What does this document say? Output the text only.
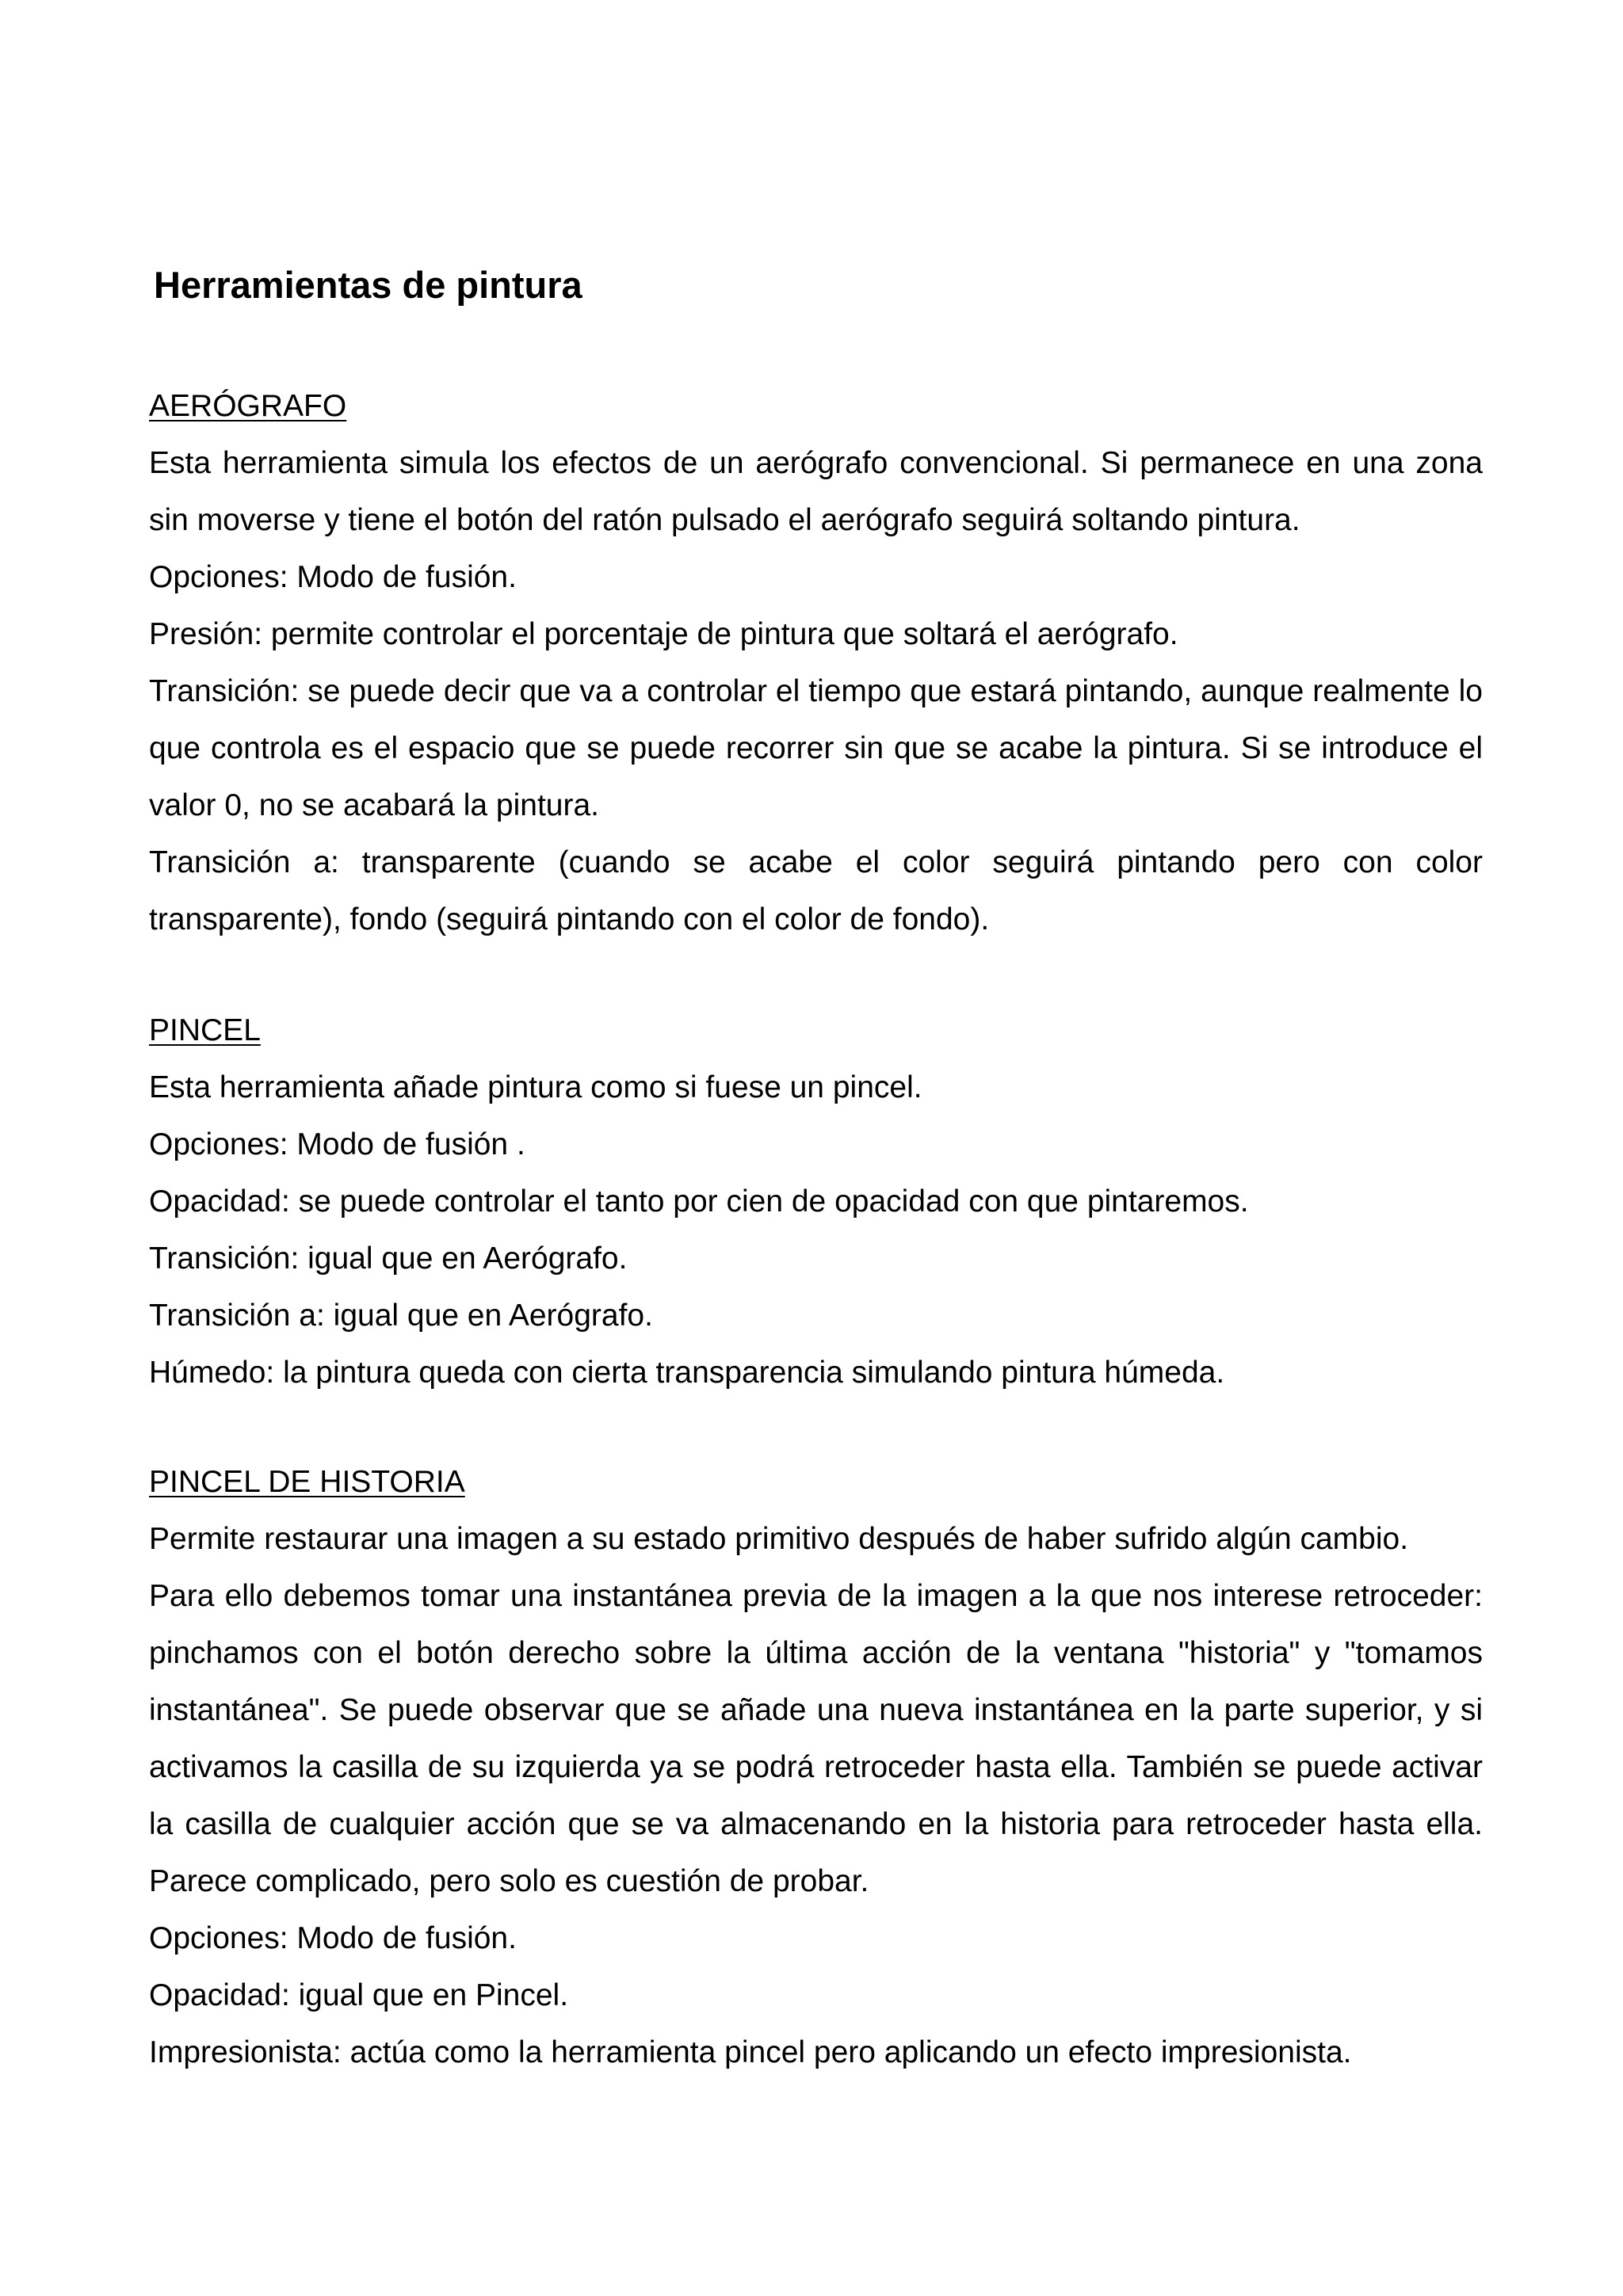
Herramientas de pintura
AERÓGRAFO

Esta herramienta simula los efectos de un aerógrafo convencional. Si permanece en una zona sin moverse y tiene el botón del ratón pulsado el aerógrafo seguirá soltando pintura.

Opciones: Modo de fusión.

Presión: permite controlar el porcentaje de pintura que soltará el aerógrafo.

Transición: se puede decir que va a controlar el tiempo que estará pintando, aunque realmente lo que controla es el espacio que se puede recorrer sin que se acabe la pintura. Si se introduce el valor 0, no se acabará la pintura.

Transición a: transparente (cuando se acabe el color seguirá pintando pero con color transparente), fondo (seguirá pintando con el color de fondo).

PINCEL

Esta herramienta añade pintura como si fuese un pincel.

Opciones: Modo de fusión .

Opacidad: se puede controlar el tanto por cien de opacidad con que pintaremos.

Transición: igual que en Aerógrafo.

Transición a: igual que en Aerógrafo.

Húmedo: la pintura queda con cierta transparencia simulando pintura húmeda.

PINCEL DE HISTORIA

Permite restaurar una imagen a su estado primitivo después de haber sufrido algún cambio.

Para ello debemos tomar una instantánea previa de la imagen a la que nos interese retroceder: pinchamos con el botón derecho sobre la última acción de la ventana "historia" y "tomamos instantánea". Se puede observar que se añade una nueva instantánea en la parte superior, y si activamos la casilla de su izquierda ya se podrá retroceder hasta ella. También se puede activar la casilla de cualquier acción que se va almacenando en la historia para retroceder hasta ella. Parece complicado, pero solo es cuestión de probar.

Opciones: Modo de fusión.

Opacidad: igual que en Pincel.

Impresionista: actúa como la herramienta pincel pero aplicando un efecto impresionista.
